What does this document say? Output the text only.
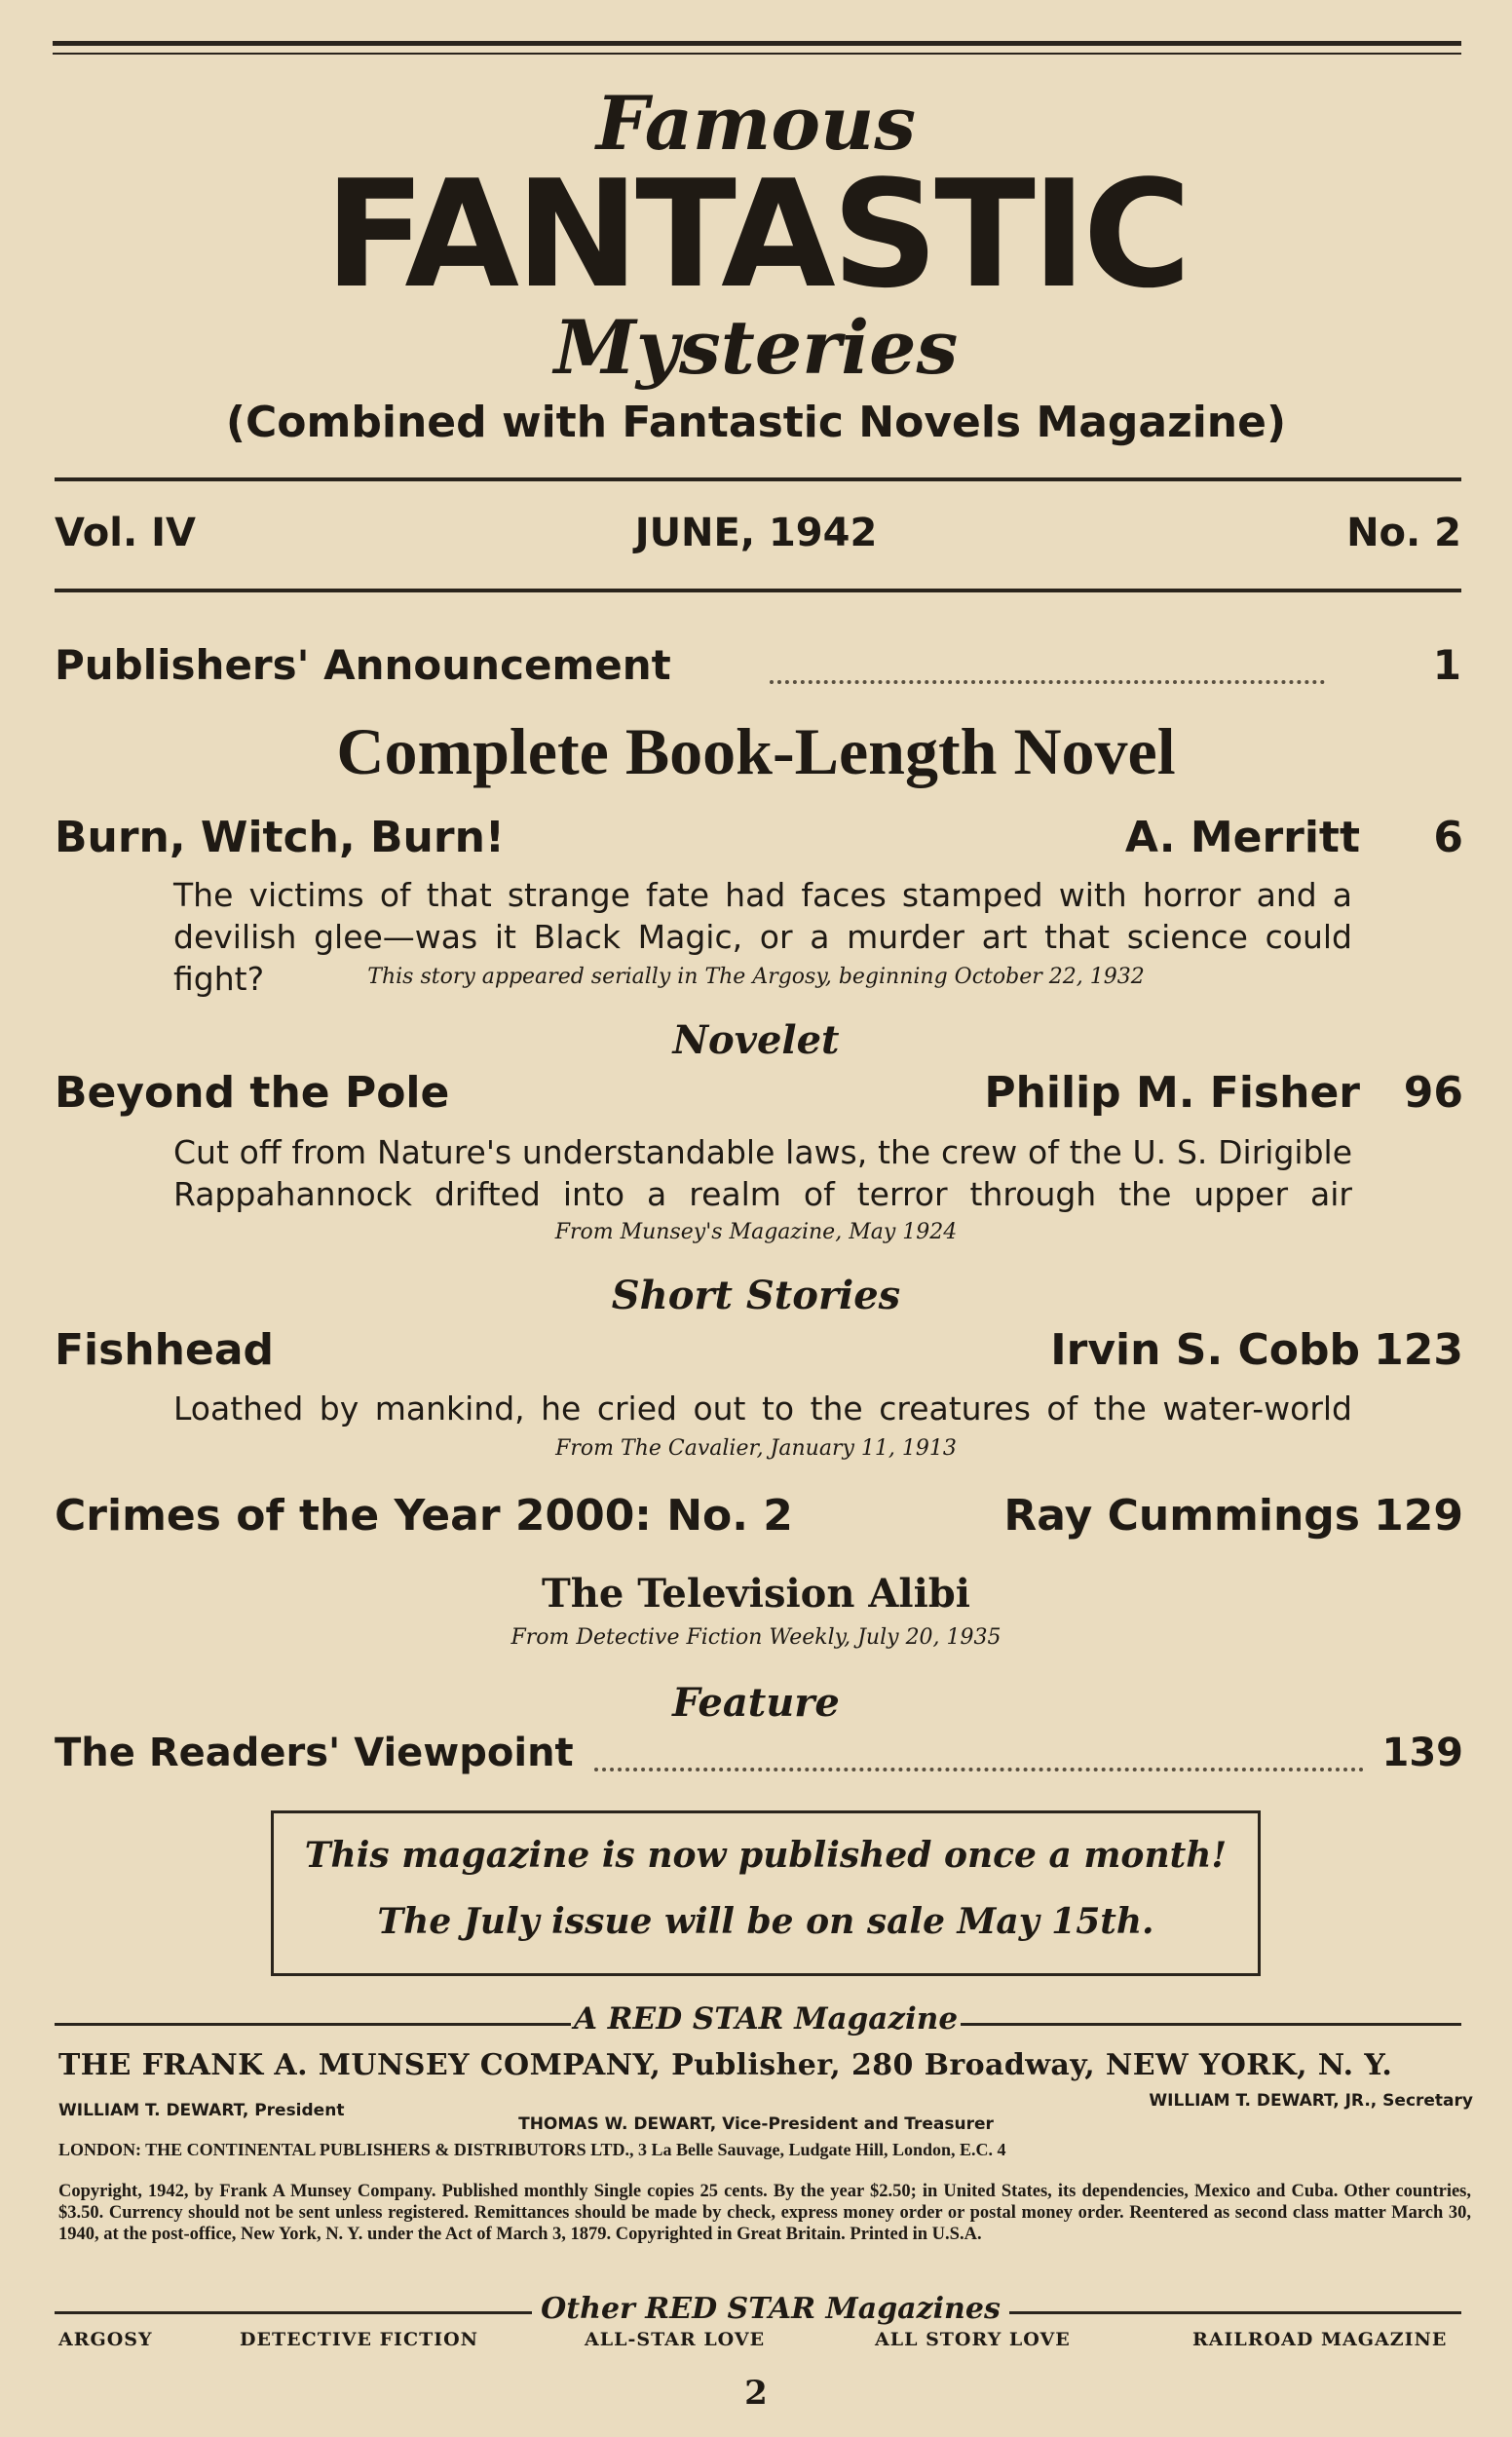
Famous
FANTASTIC
Mysteries
(Combined with Fantastic Novels Magazine)
Vol. IV	JUNE, 1942	No. 2
Publishers' Announcement	1
Complete Book-Length Novel
Burn, Witch, Burn!	A. Merritt 6
The victims of that strange fate had faces stamped with horror and a devilish glee—was it Black Magic, or a murder art that science could fight?	This story appeared serially in The Argosy, beginning October 22, 1932
Novelet
Beyond the Pole	Philip M. Fisher 96
Cut off from Nature's understandable laws, the crew of the U. S. Dirigible Rappahannock drifted into a realm of terror through the upper air
From Munsey's Magazine, May 1924
Short Stories
Fishhead	Irvin S. Cobb 123
Loathed by mankind, he cried out to the creatures of the water-world
From The Cavalier, January 11, 1913
Crimes of the Year 2000: No. 2	Ray Cummings 129
The Television Alibi
From Detective Fiction Weekly, July 20, 1935
Feature
The Readers' Viewpoint	139
This magazine is now published once a month!
The July issue will be on sale May 15th.
A RED STAR Magazine
THE FRANK A. MUNSEY COMPANY, Publisher, 280 Broadway, NEW YORK, N. Y.
WILLIAM T. DEWART, President	WILLIAM T. DEWART, JR., Secretary
THOMAS W. DEWART, Vice-President and Treasurer
LONDON: THE CONTINENTAL PUBLISHERS & DISTRIBUTORS LTD., 3 La Belle Sauvage, Ludgate Hill, London, E.C. 4
Copyright, 1942, by Frank A Munsey Company. Published monthly Single copies 25 cents. By the year $2.50; in United States, its dependencies, Mexico and Cuba. Other countries, $3.50. Currency should not be sent unless registered. Remittances should be made by check, express money order or postal money order. Reentered as second class matter March 30, 1940, at the post-office, New York, N. Y. under the Act of March 3, 1879. Copyrighted in Great Britain. Printed in U.S.A.
Other RED STAR Magazines
ARGOSY	DETECTIVE FICTION	ALL-STAR LOVE	ALL STORY LOVE	RAILROAD MAGAZINE
2
